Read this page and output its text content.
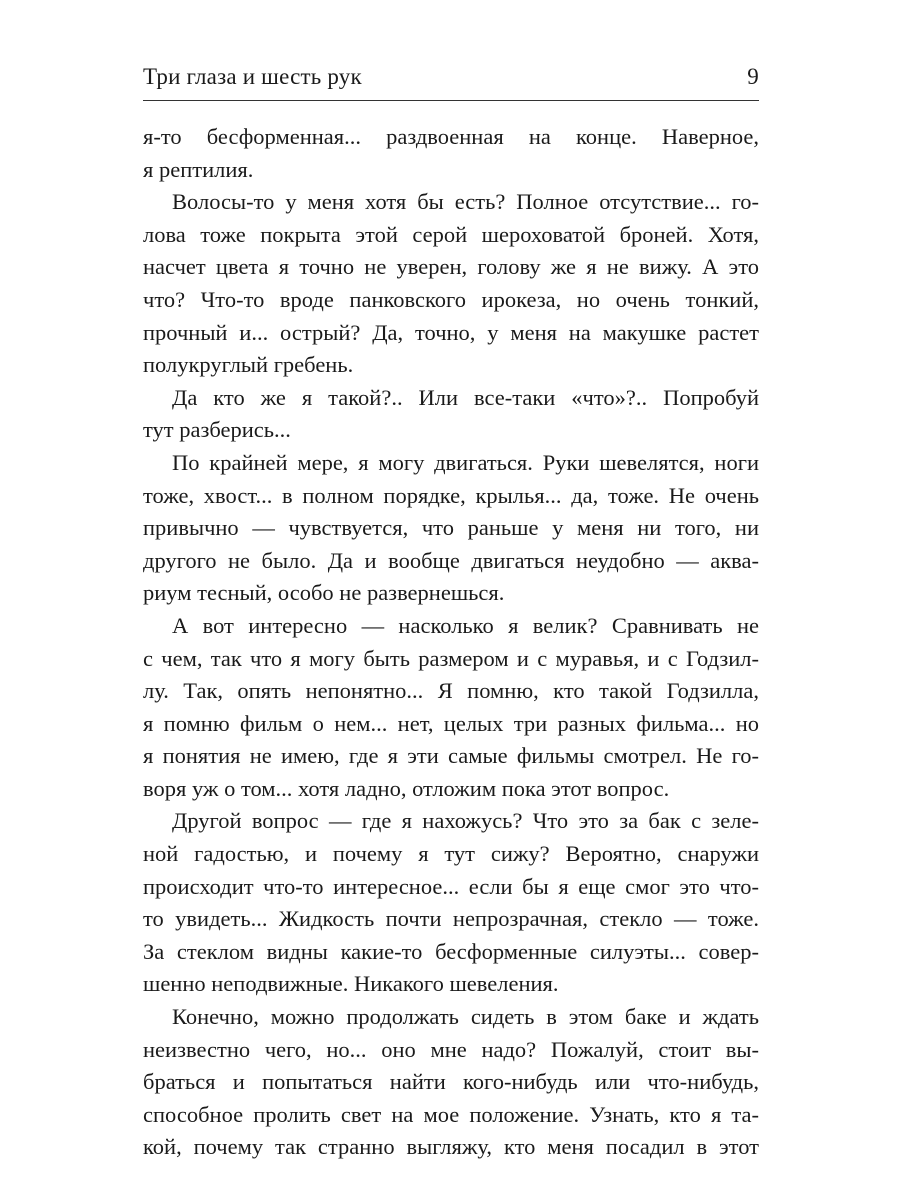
Три глаза и шесть рук	9
я-то бесформенная... раздвоенная на конце. Наверное,
я рептилия.
Волосы-то у меня хотя бы есть? Полное отсутствие... го-
лова тоже покрыта этой серой шероховатой броней. Хотя,
насчет цвета я точно не уверен, голову же я не вижу. А это
что? Что-то вроде панковского ирокеза, но очень тонкий,
прочный и... острый? Да, точно, у меня на макушке растет
полукруглый гребень.
Да кто же я такой?.. Или все-таки «что»?.. Попробуй
тут разберись...
По крайней мере, я могу двигаться. Руки шевелятся, ноги
тоже, хвост... в полном порядке, крылья... да, тоже. Не очень
привычно — чувствуется, что раньше у меня ни того, ни
другого не было. Да и вообще двигаться неудобно — аква-
риум тесный, особо не развернешься.
А вот интересно — насколько я велик? Сравнивать не
с чем, так что я могу быть размером и с муравья, и с Годзил-
лу. Так, опять непонятно... Я помню, кто такой Годзилла,
я помню фильм о нем... нет, целых три разных фильма... но
я понятия не имею, где я эти самые фильмы смотрел. Не го-
воря уж о том... хотя ладно, отложим пока этот вопрос.
Другой вопрос — где я нахожусь? Что это за бак с зеле-
ной гадостью, и почему я тут сижу? Вероятно, снаружи
происходит что-то интересное... если бы я еще смог это что-
то увидеть... Жидкость почти непрозрачная, стекло — тоже.
За стеклом видны какие-то бесформенные силуэты... совер-
шенно неподвижные. Никакого шевеления.
Конечно, можно продолжать сидеть в этом баке и ждать
неизвестно чего, но... оно мне надо? Пожалуй, стоит вы-
браться и попытаться найти кого-нибудь или что-нибудь,
способное пролить свет на мое положение. Узнать, кто я та-
кой, почему так странно выгляжу, кто меня посадил в этот
